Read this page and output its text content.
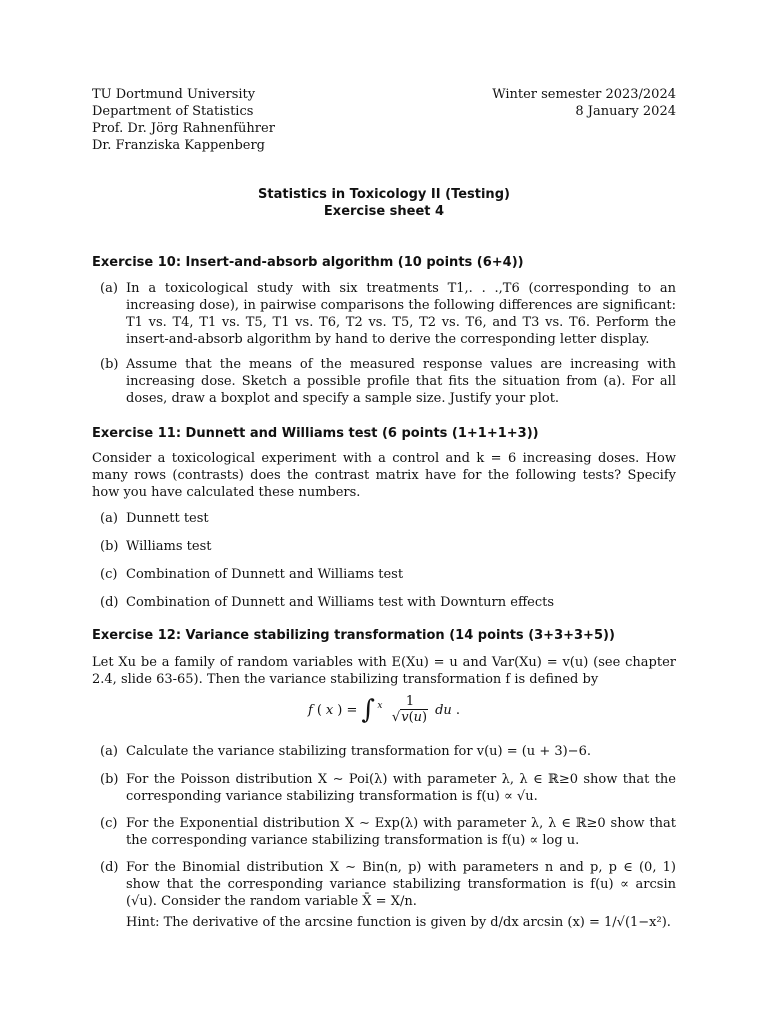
TU Dortmund University
Department of Statistics
Prof. Dr. Jörg Rahnenführer
Dr. Franziska Kappenberg
Winter semester 2023/2024
8 January 2024
Statistics in Toxicology II (Testing)
Exercise sheet 4
Exercise 10: Insert-and-absorb algorithm (10 points (6+4))
(a) In a toxicological study with six treatments T1,. . .,T6 (corresponding to an increasing dose), in pairwise comparisons the following differences are significant: T1 vs. T4, T1 vs. T5, T1 vs. T6, T2 vs. T5, T2 vs. T6, and T3 vs. T6. Perform the insert-and-absorb algorithm by hand to derive the corresponding letter display.
(b) Assume that the means of the measured response values are increasing with increasing dose. Sketch a possible profile that fits the situation from (a). For all doses, draw a boxplot and specify a sample size. Justify your plot.
Exercise 11: Dunnett and Williams test (6 points (1+1+1+3))
Consider a toxicological experiment with a control and k = 6 increasing doses. How many rows (contrasts) does the contrast matrix have for the following tests? Specify how you have calculated these numbers.
(a) Dunnett test
(b) Williams test
(c) Combination of Dunnett and Williams test
(d) Combination of Dunnett and Williams test with Downturn effects
Exercise 12: Variance stabilizing transformation (14 points (3+3+3+5))
Let Xu be a family of random variables with E(Xu) = u and Var(Xu) = v(u) (see chapter 2.4, slide 63-65). Then the variance stabilizing transformation f is defined by
f ( x ) = ∫ x $\frac{1}{√v(u)}$ du .
(a) Calculate the variance stabilizing transformation for v(u) = (u + 3)−6.
(b) For the Poisson distribution X ∼ Poi(λ) with parameter λ, λ ∈ ℝ≥0 show that the corresponding variance stabilizing transformation is f(u) ∝ √u.
(c) For the Exponential distribution X ∼ Exp(λ) with parameter λ, λ ∈ ℝ≥0 show that the corresponding variance stabilizing transformation is f(u) ∝ log u.
(d) For the Binomial distribution X ∼ Bin(n, p) with parameters n and p, p ∈ (0, 1) show that the corresponding variance stabilizing transformation is f(u) ∝ arcsin (√u). Consider the random variable X̄ = X/n.
Hint: The derivative of the arcsine function is given by d/dx arcsin (x) = 1/√(1−x²).
